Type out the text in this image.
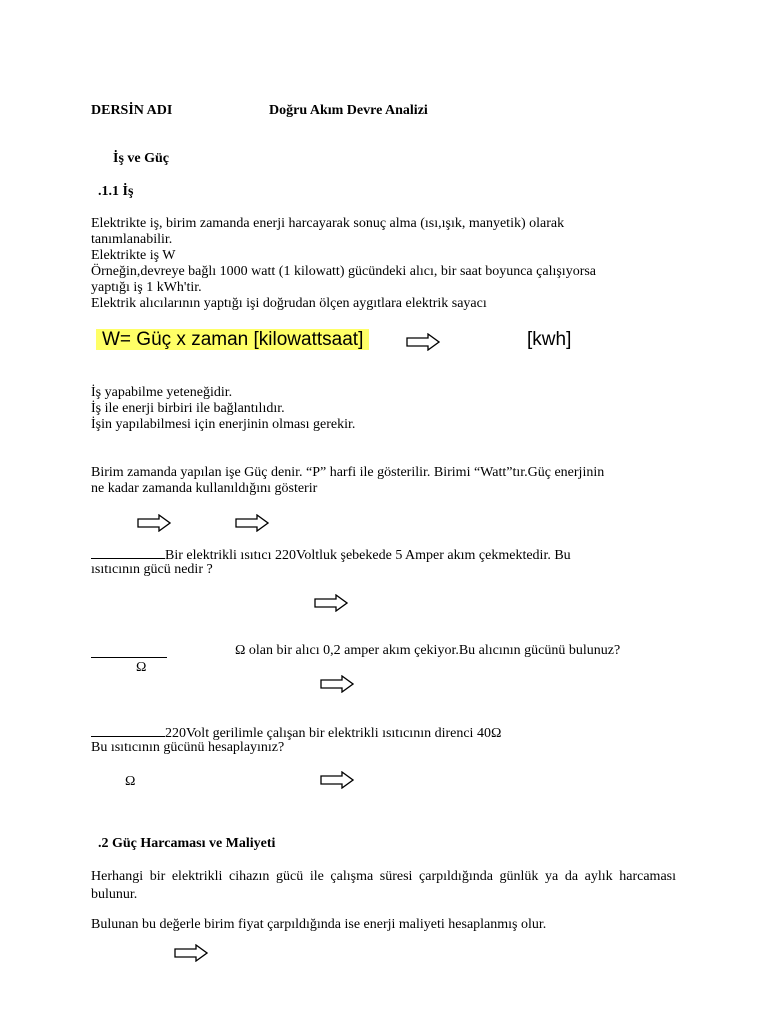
DERSİN ADI	Doğru Akım Devre Analizi
İş ve Güç
.1.1 İş
Elektrikte iş, birim zamanda enerji harcayarak sonuç alma (ısı,ışık, manyetik) olarak
tanımlanabilir.
Elektrikte iş W
Örneğin,devreye bağlı 1000 watt (1 kilowatt) gücündeki alıcı, bir saat boyunca çalışıyorsa
yaptığı iş 1 kWh'tir.
Elektrik alıcılarının yaptığı işi doğrudan ölçen aygıtlara elektrik sayacı
W= Güç x zaman [kilowattsaat]	[kwh]
İş yapabilme yeteneğidir.
İş ile enerji birbiri ile bağlantılıdır.
İşin yapılabilmesi için enerjinin olması gerekir.
Birim zamanda yapılan işe Güç denir. “P” harfi ile gösterilir. Birimi “Watt”tır.Güç enerjinin
ne kadar zamanda kullanıldığını gösterir
Bir elektrikli ısıtıcı 220Voltluk şebekede 5 Amper akım çekmektedir. Bu
ısıtıcının gücü nedir ?
Ω olan bir alıcı 0,2 amper akım çekiyor.Bu alıcının gücünü bulunuz?
Ω
220Volt gerilimle çalışan bir elektrikli ısıtıcının direnci 40Ω
Bu ısıtıcının gücünü hesaplayınız?
Ω
.2 Güç Harcaması ve Maliyeti
Herhangi bir elektrikli cihazın gücü ile çalışma süresi çarpıldığında günlük ya da aylık harcaması bulunur.
Bulunan bu değerle birim fiyat çarpıldığında ise enerji maliyeti hesaplanmış olur.
